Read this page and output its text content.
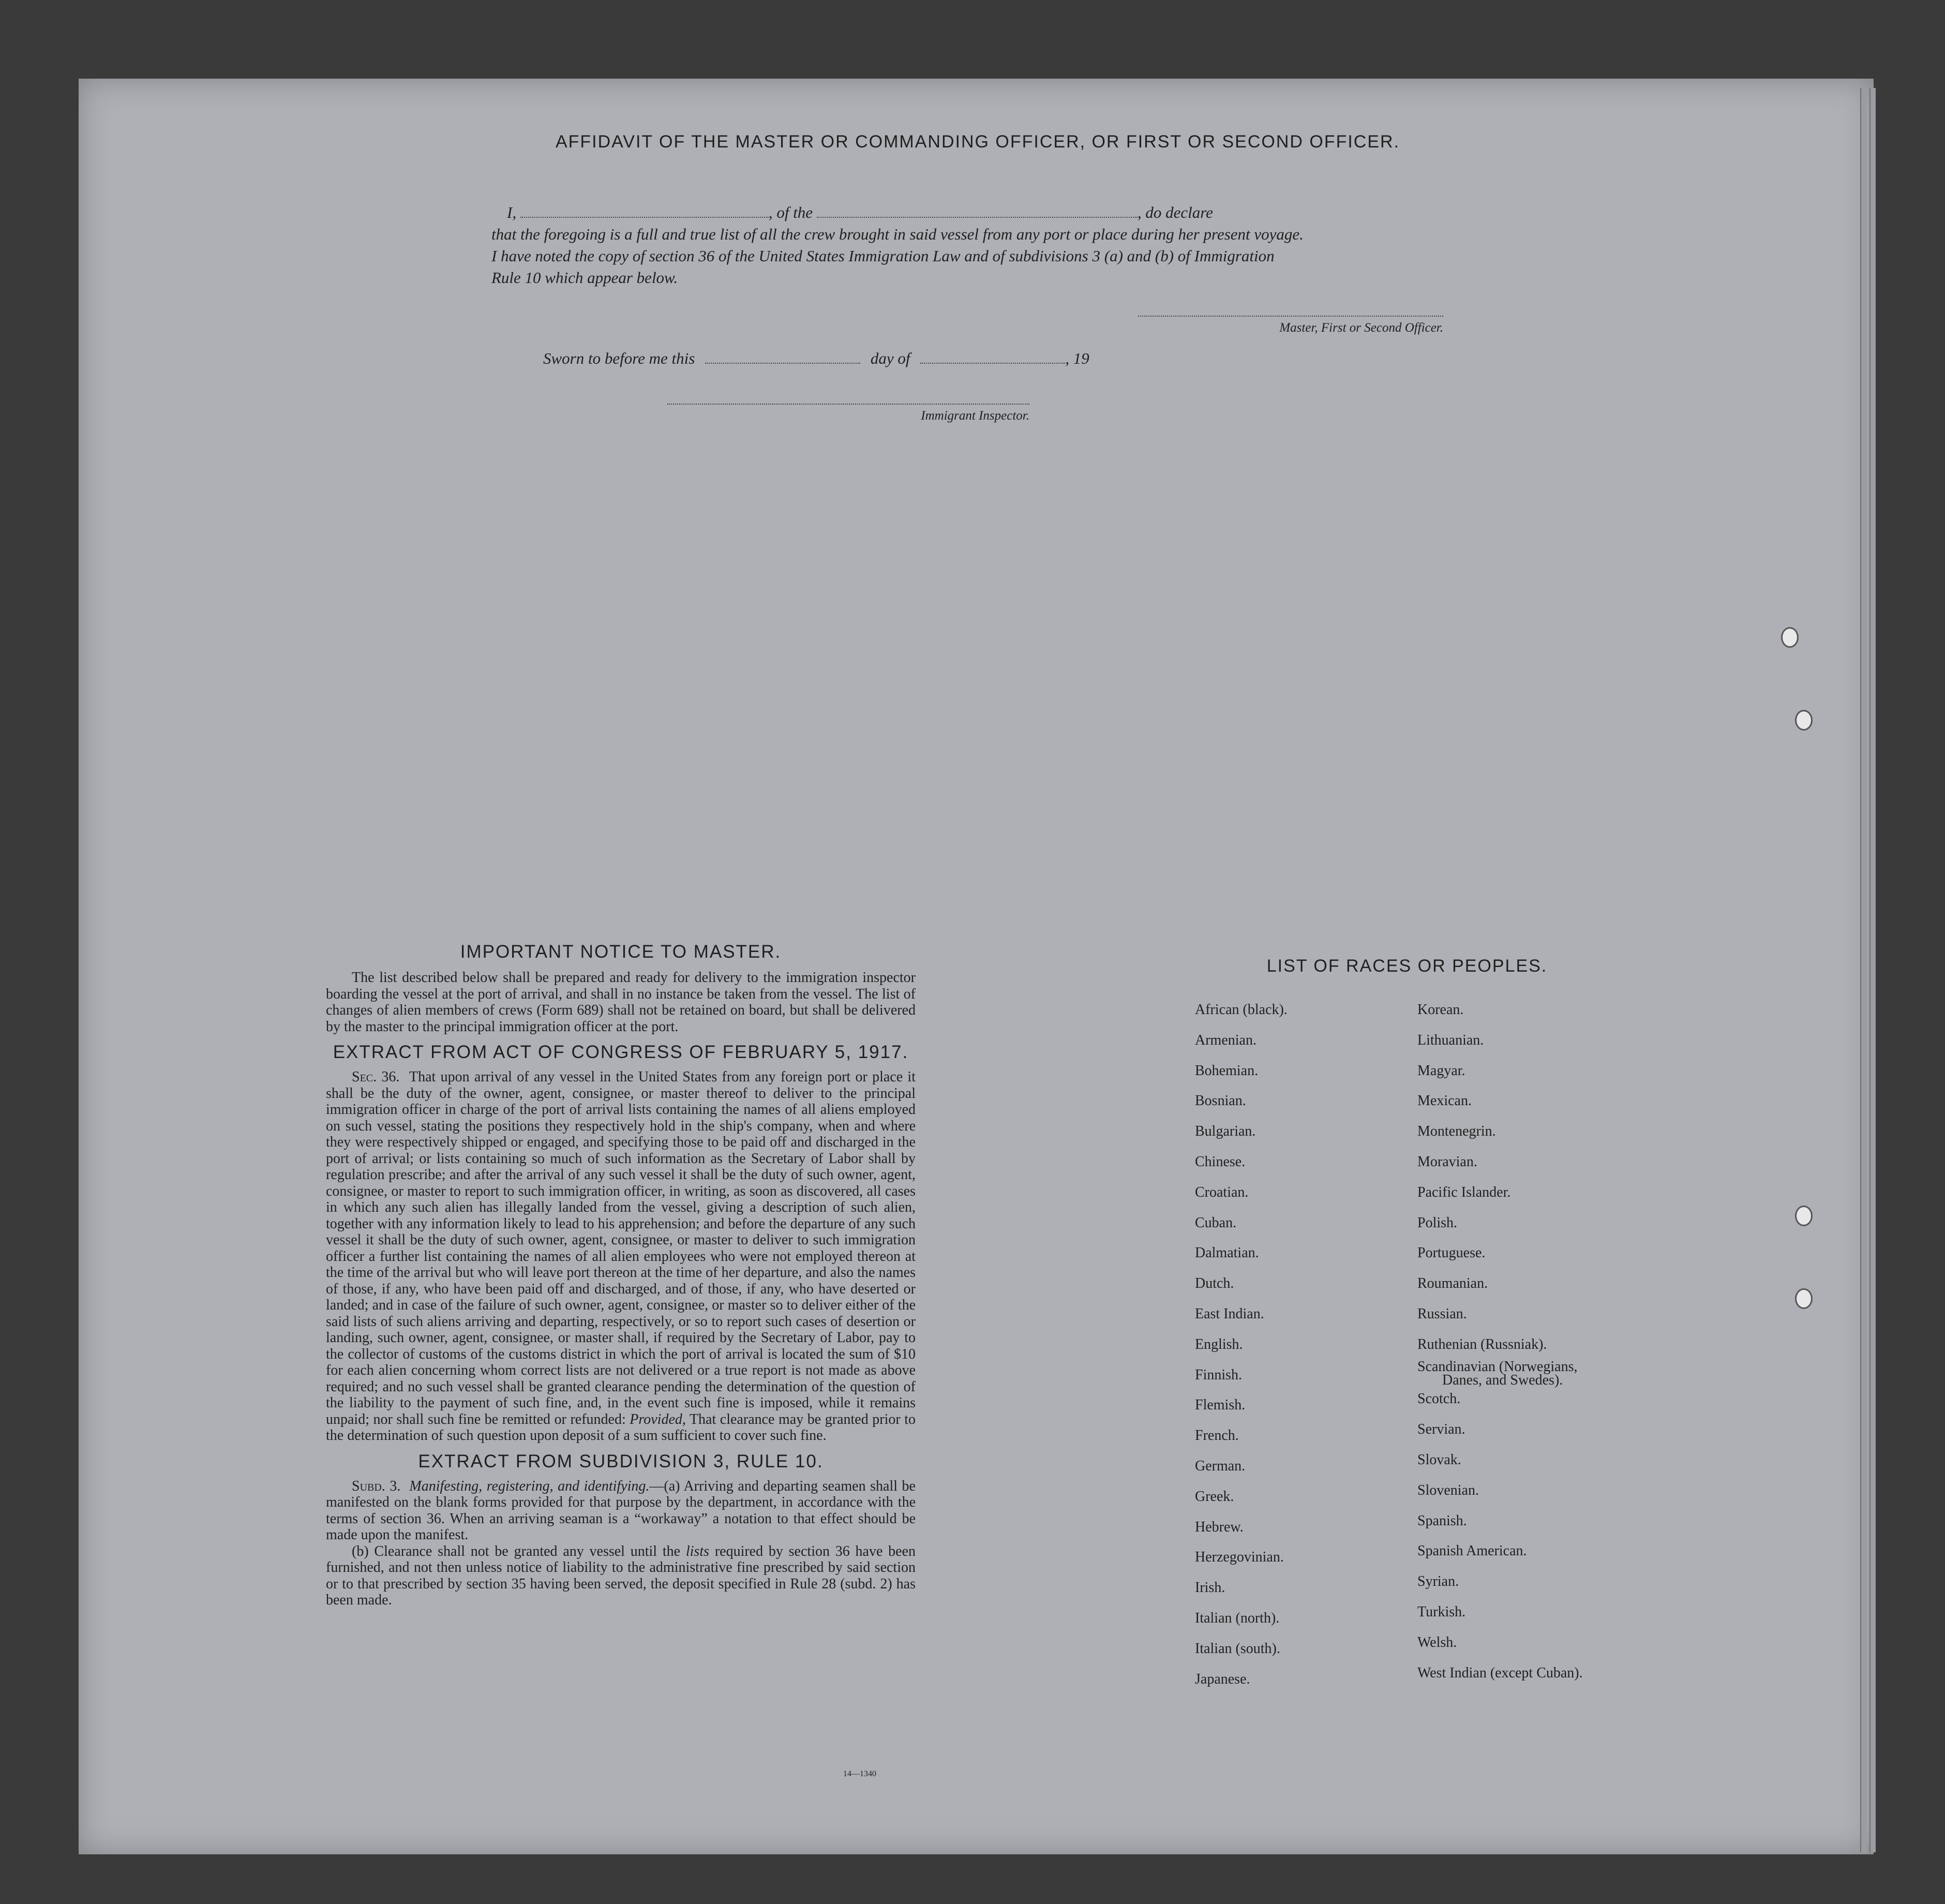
AFFIDAVIT OF THE MASTER OR COMMANDING OFFICER, OR FIRST OR SECOND OFFICER.
I,	, of the	, do declare
that the foregoing is a full and true list of all the crew brought in said vessel from any port or place during her present voyage.
I have noted the copy of section 36 of the United States Immigration Law and of subdivisions 3 (a) and (b) of Immigration
Rule 10 which appear below.
Master, First or Second Officer.
Sworn to before me this	day of	, 19
Immigrant Inspector.
IMPORTANT NOTICE TO MASTER.

The list described below shall be prepared and ready for delivery to the immigration inspector boarding the vessel at the port of arrival, and shall in no instance be taken from the vessel. The list of changes of alien members of crews (Form 689) shall not be retained on board, but shall be delivered by the master to the principal immigration officer at the port.

EXTRACT FROM ACT OF CONGRESS OF FEBRUARY 5, 1917.

Sec. 36. That upon arrival of any vessel in the United States from any foreign port or place it shall be the duty of the owner, agent, consignee, or master thereof to deliver to the principal immigration officer in charge of the port of arrival lists containing the names of all aliens employed on such vessel, stating the positions they respectively hold in the ship's company, when and where they were respectively shipped or engaged, and specifying those to be paid off and discharged in the port of arrival; or lists containing so much of such information as the Secretary of Labor shall by regulation prescribe; and after the arrival of any such vessel it shall be the duty of such owner, agent, consignee, or master to report to such immigration officer, in writing, as soon as discovered, all cases in which any such alien has illegally landed from the vessel, giving a description of such alien, together with any information likely to lead to his apprehension; and before the departure of any such vessel it shall be the duty of such owner, agent, consignee, or master to deliver to such immigration officer a further list containing the names of all alien employees who were not employed thereon at the time of the arrival but who will leave port thereon at the time of her departure, and also the names of those, if any, who have been paid off and discharged, and of those, if any, who have deserted or landed; and in case of the failure of such owner, agent, consignee, or master so to deliver either of the said lists of such aliens arriving and departing, respectively, or so to report such cases of desertion or landing, such owner, agent, consignee, or master shall, if required by the Secretary of Labor, pay to the collector of customs of the customs district in which the port of arrival is located the sum of $10 for each alien concerning whom correct lists are not delivered or a true report is not made as above required; and no such vessel shall be granted clearance pending the determination of the question of the liability to the payment of such fine, and, in the event such fine is imposed, while it remains unpaid; nor shall such fine be remitted or refunded: Provided, That clearance may be granted prior to the determination of such question upon deposit of a sum sufficient to cover such fine.

EXTRACT FROM SUBDIVISION 3, RULE 10.

Subd. 3. Manifesting, registering, and identifying.—(a) Arriving and departing seamen shall be manifested on the blank forms provided for that purpose by the department, in accordance with the terms of section 36. When an arriving seaman is a “workaway” a notation to that effect should be made upon the manifest.

(b) Clearance shall not be granted any vessel until the lists required by section 36 have been furnished, and not then unless notice of liability to the administrative fine prescribed by said section or to that prescribed by section 35 having been served, the deposit specified in Rule 28 (subd. 2) has been made.

14—1340
LIST OF RACES OR PEOPLES.
African (black).
Armenian.
Bohemian.
Bosnian.
Bulgarian.
Chinese.
Croatian.
Cuban.
Dalmatian.
Dutch.
East Indian.
English.
Finnish.
Flemish.
French.
German.
Greek.
Hebrew.
Herzegovinian.
Irish.
Italian (north).
Italian (south).
Japanese.
Korean.
Lithuanian.
Magyar.
Mexican.
Montenegrin.
Moravian.
Pacific Islander.
Polish.
Portuguese.
Roumanian.
Russian.
Ruthenian (Russniak).
Scandinavian (Norwegians,
Danes, and Swedes).
Scotch.
Servian.
Slovak.
Slovenian.
Spanish.
Spanish American.
Syrian.
Turkish.
Welsh.
West Indian (except Cuban).
